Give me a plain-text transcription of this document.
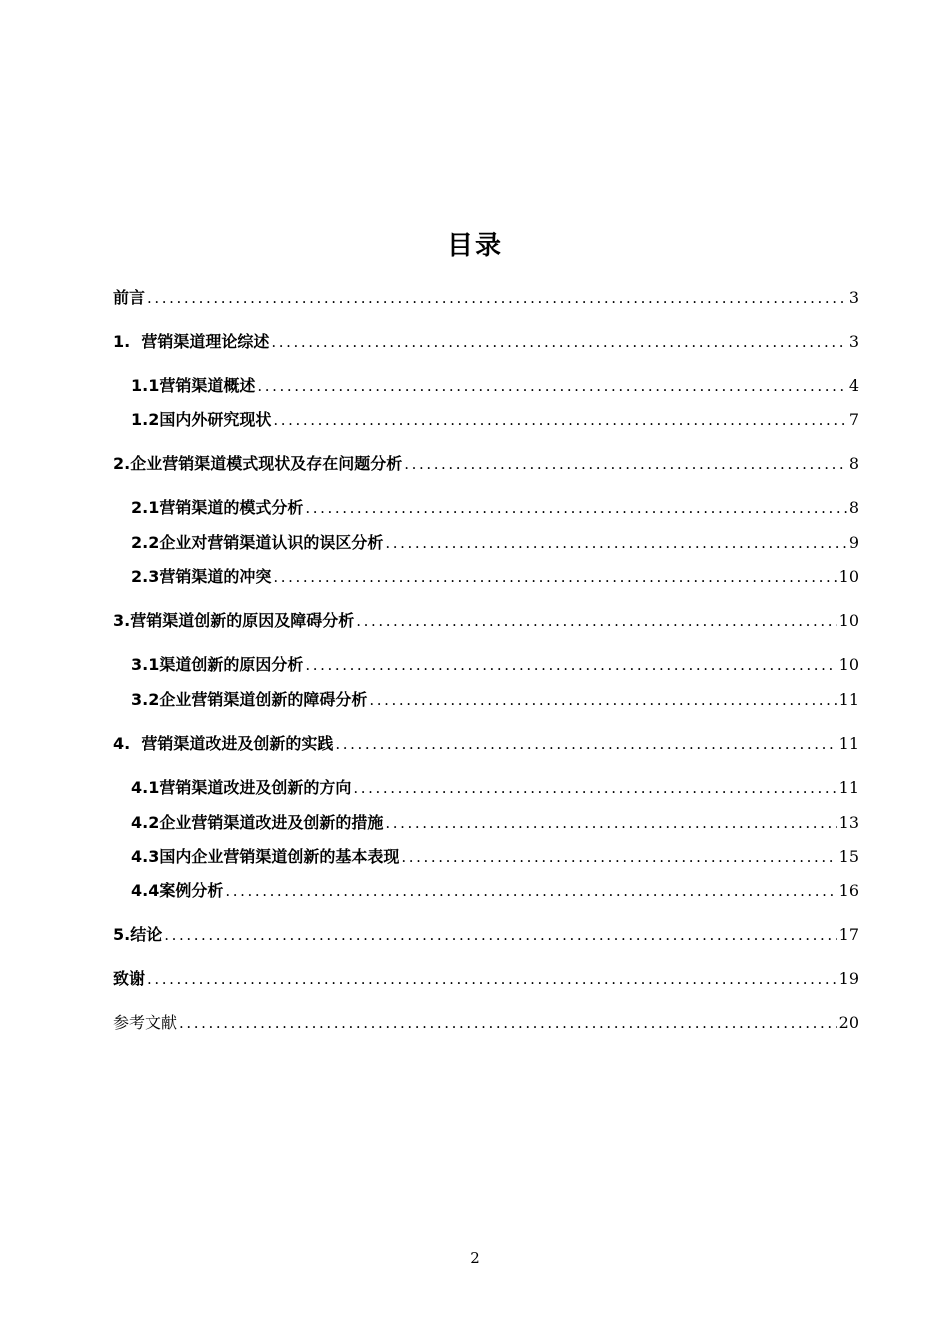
目录
前言 .....	3
1.  营销渠道理论综述 .....	3
1.1营销渠道概述 .....	4
1.2国内外研究现状 .....	7
2.企业营销渠道模式现状及存在问题分析 .....	8
2.1营销渠道的模式分析 .....	8
2.2企业对营销渠道认识的误区分析 .....	9
2.3营销渠道的冲突 .....	10
3.营销渠道创新的原因及障碍分析 .....	10
3.1渠道创新的原因分析 .....	10
3.2企业营销渠道创新的障碍分析 .....	11
4.  营销渠道改进及创新的实践 .....	11
4.1营销渠道改进及创新的方向 .....	11
4.2企业营销渠道改进及创新的措施 .....	13
4.3国内企业营销渠道创新的基本表现 .....	15
4.4案例分析 .....	16
5.结论 .....	17
致谢 .....	19
参考文献 .....	20
2
